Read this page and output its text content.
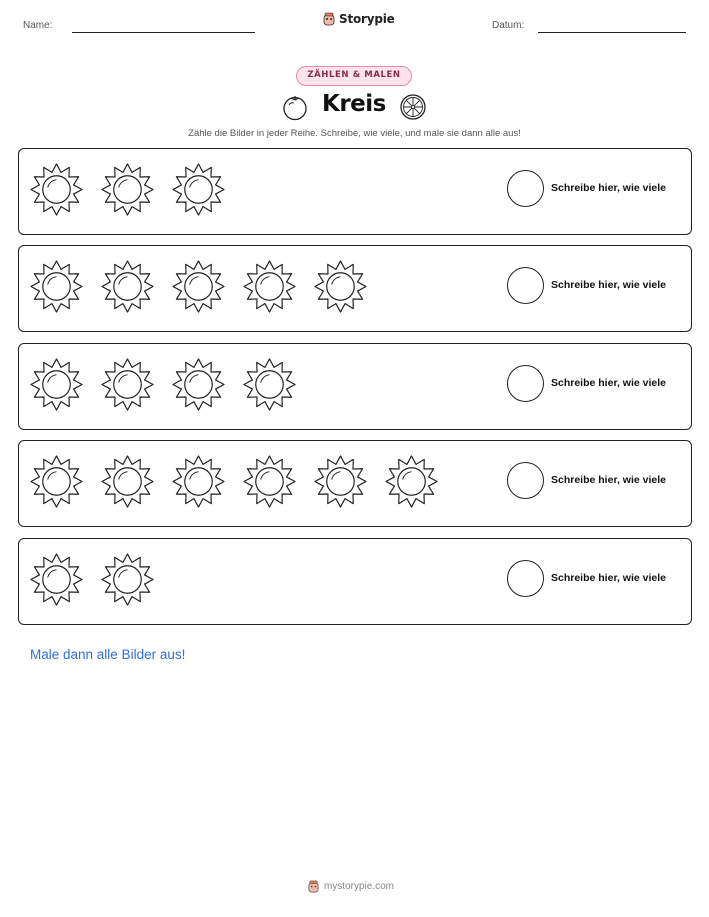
Name:	Storypie	Datum:
ZÄHLEN & MALEN
Kreis
Zähle die Bilder in jeder Reihe. Schreibe, wie viele, und male sie dann alle aus!
Schreibe hier, wie viele
Schreibe hier, wie viele
Schreibe hier, wie viele
Schreibe hier, wie viele
Schreibe hier, wie viele
Male dann alle Bilder aus!
mystorypie.com
